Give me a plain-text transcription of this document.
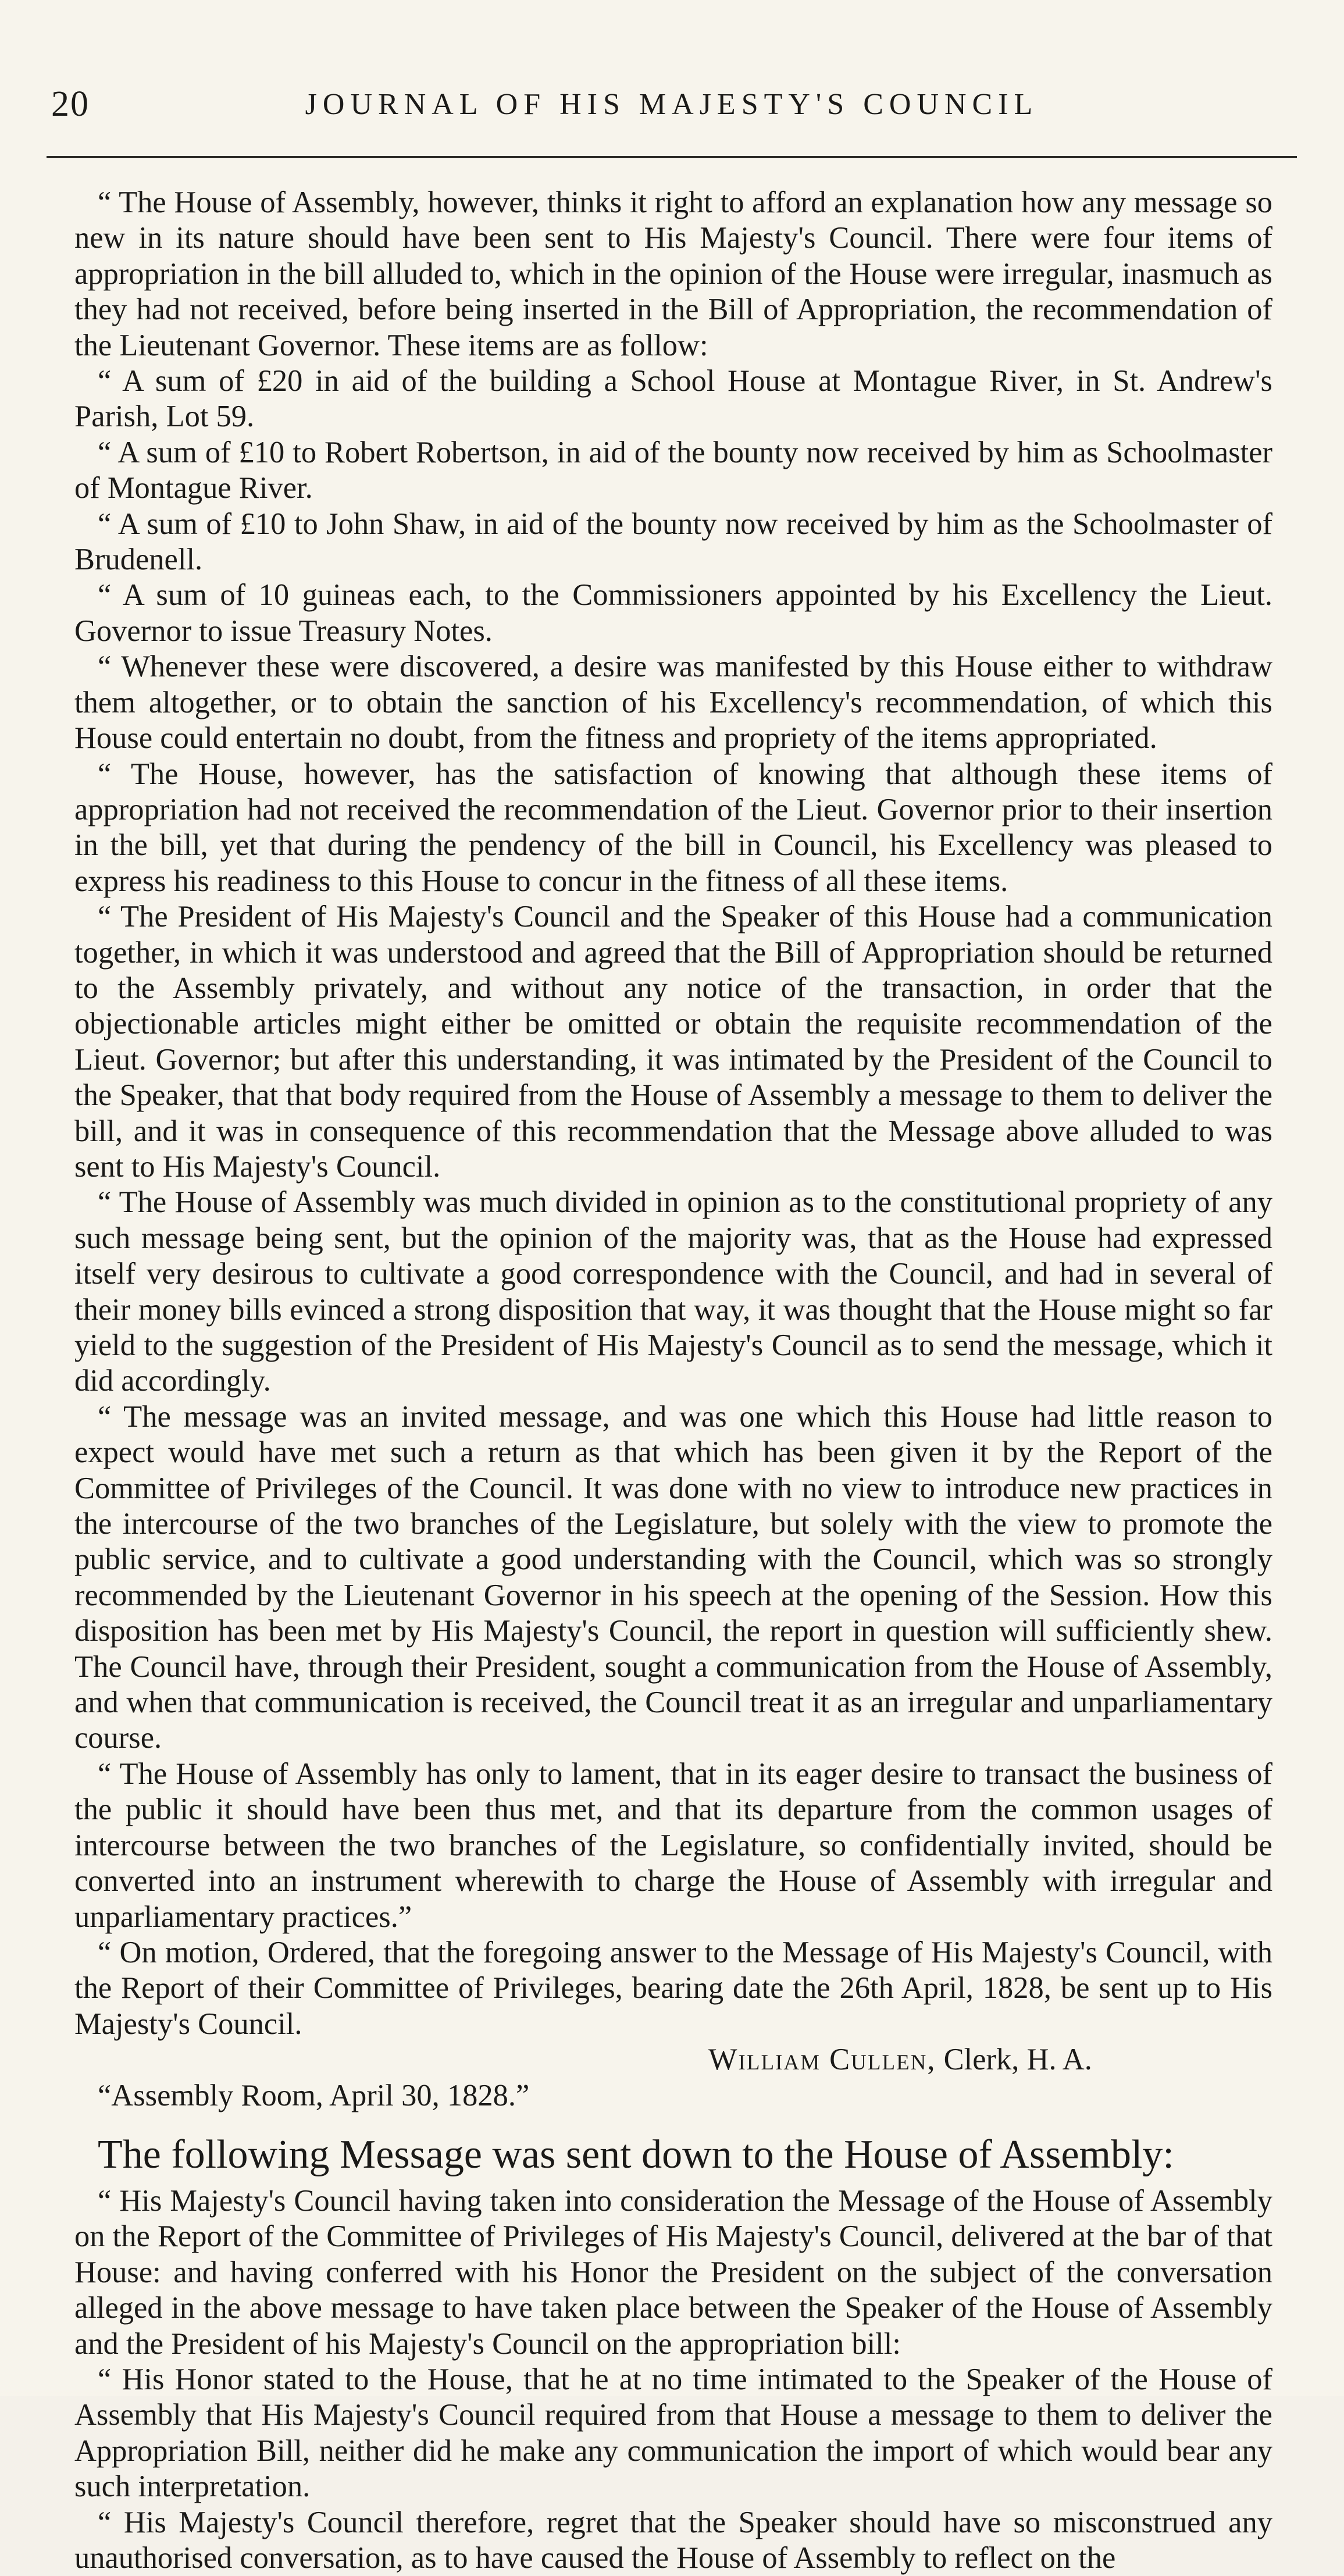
20	JOURNAL OF HIS MAJESTY'S COUNCIL

“ The House of Assembly, however, thinks it right to afford an explanation how any message so new in its nature should have been sent to His Majesty's Council. There were four items of appropriation in the bill alluded to, which in the opinion of the House were irregular, inasmuch as they had not received, before being inserted in the Bill of Appropriation, the recommendation of the Lieutenant Governor. These items are as follow:

“ A sum of £20 in aid of the building a School House at Montague River, in St. Andrew's Parish, Lot 59.

“ A sum of £10 to Robert Robertson, in aid of the bounty now received by him as Schoolmaster of Montague River.

“ A sum of £10 to John Shaw, in aid of the bounty now received by him as the Schoolmaster of Brudenell.

“ A sum of 10 guineas each, to the Commissioners appointed by his Excellency the Lieut. Governor to issue Treasury Notes.

“ Whenever these were discovered, a desire was manifested by this House either to withdraw them altogether, or to obtain the sanction of his Excellency's recommendation, of which this House could entertain no doubt, from the fitness and propriety of the items appropriated.

“ The House, however, has the satisfaction of knowing that although these items of appropriation had not received the recommendation of the Lieut. Governor prior to their insertion in the bill, yet that during the pendency of the bill in Council, his Excellency was pleased to express his readiness to this House to concur in the fitness of all these items.

“ The President of His Majesty's Council and the Speaker of this House had a communication together, in which it was understood and agreed that the Bill of Appropriation should be returned to the Assembly privately, and without any notice of the transaction, in order that the objectionable articles might either be omitted or obtain the requisite recommendation of the Lieut. Governor; but after this understanding, it was intimated by the President of the Council to the Speaker, that that body required from the House of Assembly a message to them to deliver the bill, and it was in consequence of this recommendation that the Message above alluded to was sent to His Majesty's Council.

“ The House of Assembly was much divided in opinion as to the constitutional propriety of any such message being sent, but the opinion of the majority was, that as the House had expressed itself very desirous to cultivate a good correspondence with the Council, and had in several of their money bills evinced a strong disposition that way, it was thought that the House might so far yield to the suggestion of the President of His Majesty's Council as to send the message, which it did accordingly.

“ The message was an invited message, and was one which this House had little reason to expect would have met such a return as that which has been given it by the Report of the Committee of Privileges of the Council. It was done with no view to introduce new practices in the intercourse of the two branches of the Legislature, but solely with the view to promote the public service, and to cultivate a good understanding with the Council, which was so strongly recommended by the Lieutenant Governor in his speech at the opening of the Session. How this disposition has been met by His Majesty's Council, the report in question will sufficiently shew. The Council have, through their President, sought a communication from the House of Assembly, and when that communication is received, the Council treat it as an irregular and unparliamentary course.

“ The House of Assembly has only to lament, that in its eager desire to transact the business of the public it should have been thus met, and that its departure from the common usages of intercourse between the two branches of the Legislature, so confidentially invited, should be converted into an instrument wherewith to charge the House of Assembly with irregular and unparliamentary practices.”

“ On motion, Ordered, that the foregoing answer to the Message of His Majesty's Council, with the Report of their Committee of Privileges, bearing date the 26th April, 1828, be sent up to His Majesty's Council.

William Cullen, Clerk, H. A.

“Assembly Room, April 30, 1828.”

The following Message was sent down to the House of Assembly:

“ His Majesty's Council having taken into consideration the Message of the House of Assembly on the Report of the Committee of Privileges of His Majesty's Council, delivered at the bar of that House: and having conferred with his Honor the President on the subject of the conversation alleged in the above message to have taken place between the Speaker of the House of Assembly and the President of his Majesty's Council on the appropriation bill:

“ His Honor stated to the House, that he at no time intimated to the Speaker of the House of Assembly that His Majesty's Council required from that House a message to them to deliver the Appropriation Bill, neither did he make any communication the import of which would bear any such interpretation.

“ His Majesty's Council therefore, regret that the Speaker should have so misconstrued any unauthorised conversation, as to have caused the House of Assembly to reflect on the
